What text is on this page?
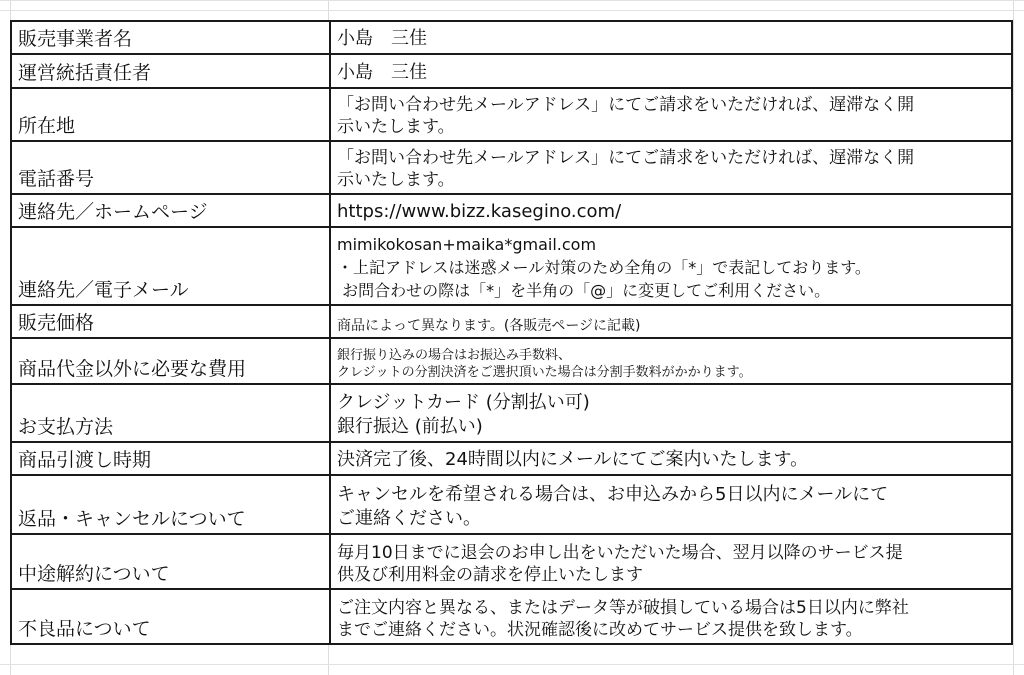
販売事業者名	小島　三佳

運営統括責任者	小島　三佳

所在地	「お問い合わせ先メールアドレス」にてご請求をいただければ、遅滞なく開
示いたします。

電話番号	「お問い合わせ先メールアドレス」にてご請求をいただければ、遅滞なく開
示いたします。

連絡先／ホームページ	https://www.bizz.kasegino.com/

連絡先／電子メール	mimikokosan+maika*gmail.com
・上記アドレスは迷惑メール対策のため全角の「*」で表記しております。
お問合わせの際は「*」を半角の「@」に変更してご利用ください。

販売価格	商品によって異なります。(各販売ページに記載)

商品代金以外に必要な費用	銀行振り込みの場合はお振込み手数料、
クレジットの分割決済をご選択頂いた場合は分割手数料がかかります。

お支払方法	クレジットカード (分割払い可)
銀行振込 (前払い)

商品引渡し時期	決済完了後、24時間以内にメールにてご案内いたします。

返品・キャンセルについて	キャンセルを希望される場合は、お申込みから5日以内にメールにて
ご連絡ください。

中途解約について	毎月10日までに退会のお申し出をいただいた場合、翌月以降のサービス提
供及び利用料金の請求を停止いたします

不良品について	ご注文内容と異なる、またはデータ等が破損している場合は5日以内に弊社
までご連絡ください。状況確認後に改めてサービス提供を致します。
